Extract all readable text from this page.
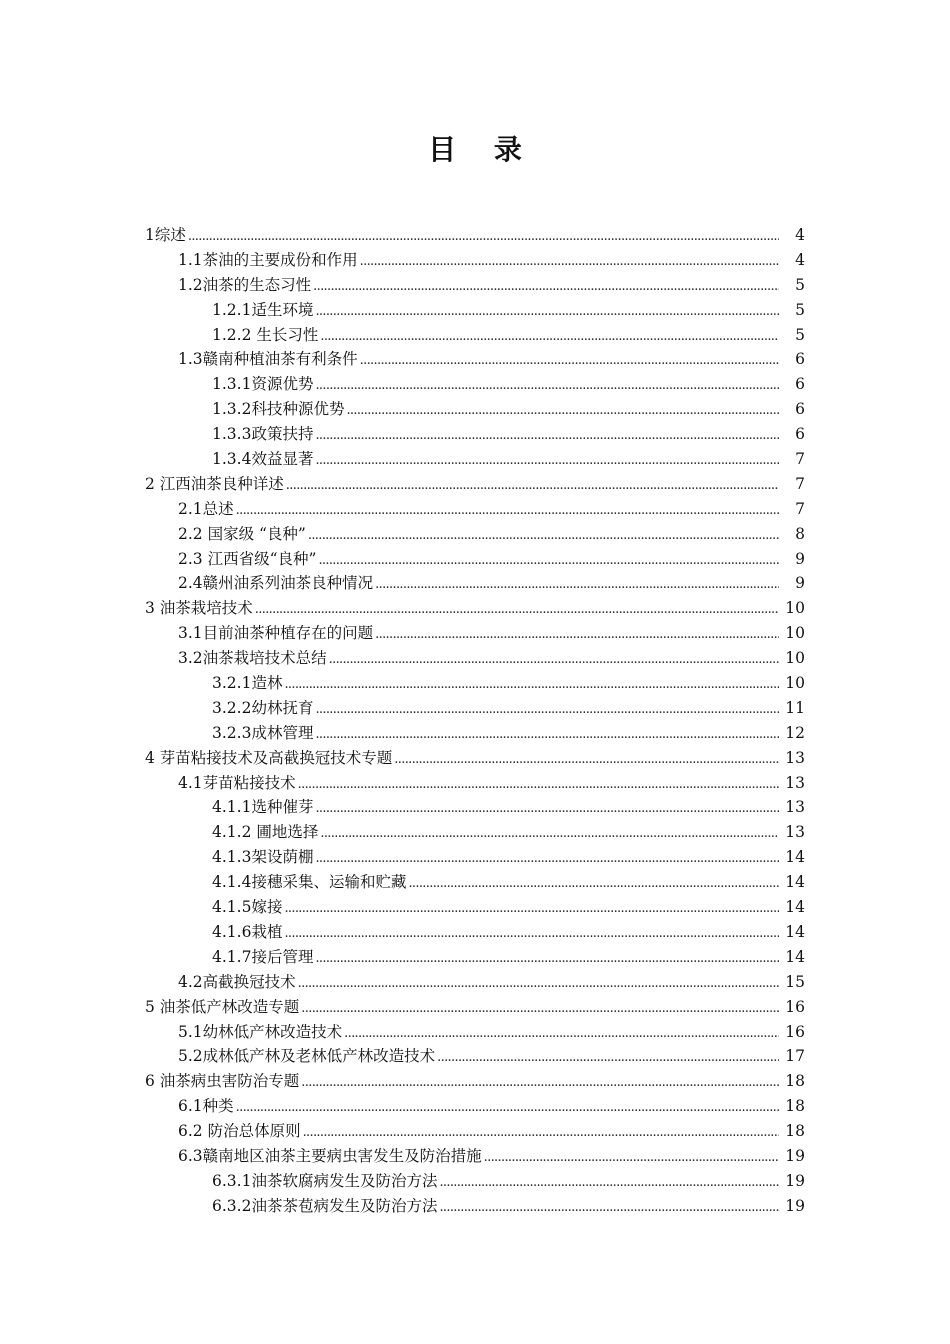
目 录
1综述 . . .	4
1.1茶油的主要成份和作用 . . .	4
1.2油茶的生态习性 . . .	5
1.2.1适生环境 . . .	5
1.2.2 生长习性 . . .	5
1.3赣南种植油茶有利条件 . . .	6
1.3.1资源优势 . . .	6
1.3.2科技种源优势 . . .	6
1.3.3政策扶持 . . .	6
1.3.4效益显著 . . .	7
2 江西油茶良种详述 . . .	7
2.1总述 . . .	7
2.2 国家级 “良种” . . .	8
2.3 江西省级“良种” . . .	9
2.4赣州油系列油茶良种情况 . . .	9
3 油茶栽培技术 . . .	10
3.1目前油茶种植存在的问题 . . .	10
3.2油茶栽培技术总结 . . .	10
3.2.1造林 . . .	10
3.2.2幼林抚育 . . .	11
3.2.3成林管理 . . .	12
4 芽苗粘接技术及高截换冠技术专题 . . .	13
4.1芽苗粘接技术 . . .	13
4.1.1选种催芽 . . .	13
4.1.2 圃地选择 . . .	13
4.1.3架设荫棚 . . .	14
4.1.4接穗采集、运输和贮藏 . . .	14
4.1.5嫁接 . . .	14
4.1.6栽植 . . .	14
4.1.7接后管理 . . .	14
4.2高截换冠技术 . . .	15
5 油茶低产林改造专题 . . .	16
5.1幼林低产林改造技术 . . .	16
5.2成林低产林及老林低产林改造技术 . . .	17
6 油茶病虫害防治专题 . . .	18
6.1种类 . . .	18
6.2 防治总体原则 . . .	18
6.3赣南地区油茶主要病虫害发生及防治措施 . . .	19
6.3.1油茶软腐病发生及防治方法 . . .	19
6.3.2油茶茶苞病发生及防治方法 . . .	19
